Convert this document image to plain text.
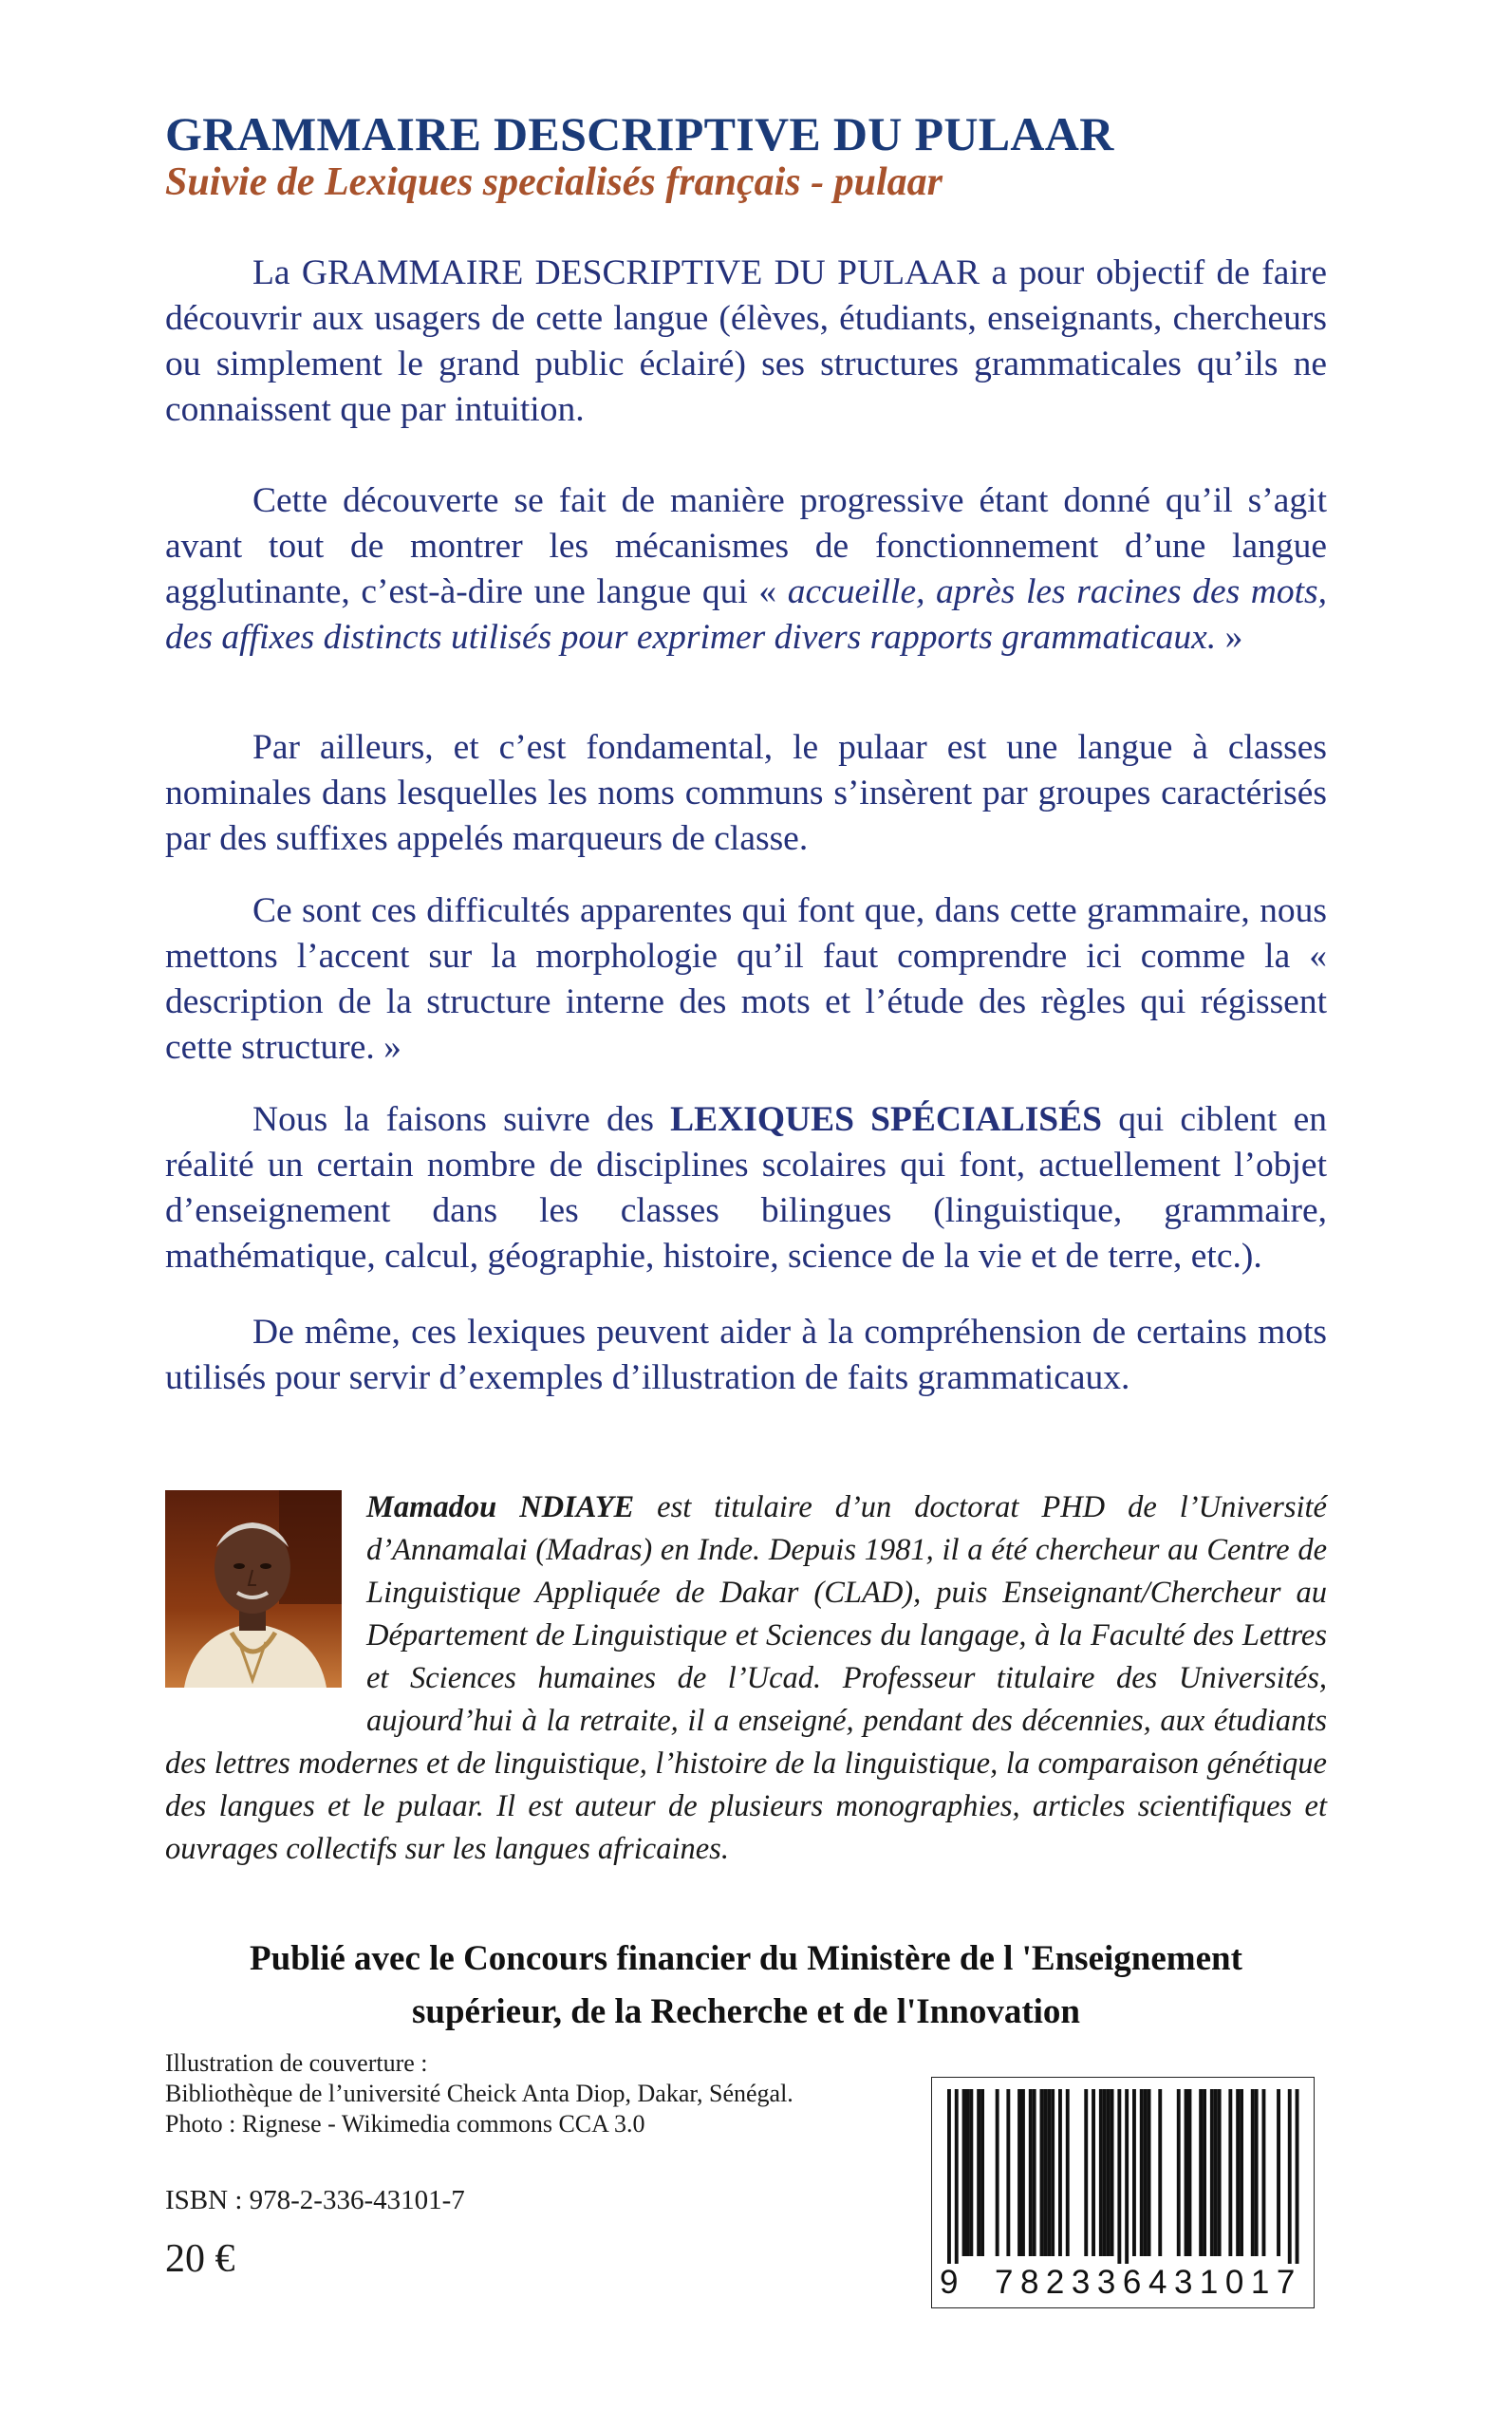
GRAMMAIRE DESCRIPTIVE DU PULAAR
Suivie de Lexiques specialisés français - pulaar

La GRAMMAIRE DESCRIPTIVE DU PULAAR a pour objectif de faire découvrir aux usagers de cette langue (élèves, étudiants, enseignants, chercheurs ou simplement le grand public éclairé) ses structures grammaticales qu’ils ne connaissent que par intuition.

Cette découverte se fait de manière progressive étant donné qu’il s’agit avant tout de montrer les mécanismes de fonctionnement d’une langue agglutinante, c’est-à-dire une langue qui « accueille, après les racines des mots, des affixes distincts utilisés pour exprimer divers rapports grammaticaux. »

Par ailleurs, et c’est fondamental, le pulaar est une langue à classes nominales dans lesquelles les noms communs s’insèrent par groupes caractérisés par des suffixes appelés marqueurs de classe.

Ce sont ces difficultés apparentes qui font que, dans cette grammaire, nous mettons l’accent sur la morphologie qu’il faut comprendre ici comme la « description de la structure interne des mots et l’étude des règles qui régissent cette structure. »

Nous la faisons suivre des LEXIQUES SPÉCIALISÉS qui ciblent en réalité un certain nombre de disciplines scolaires qui font, actuellement l’objet d’enseignement dans les classes bilingues (linguistique, grammaire, mathématique, calcul, géographie, histoire, science de la vie et de terre, etc.).

De même, ces lexiques peuvent aider à la compréhension de certains mots utilisés pour servir d’exemples d’illustration de faits grammaticaux.

Mamadou NDIAYE est titulaire d’un doctorat PHD de l’Université d’Annamalai (Madras) en Inde. Depuis 1981, il a été chercheur au Centre de Linguistique Appliquée de Dakar (CLAD), puis Enseignant/Chercheur au Département de Linguistique et Sciences du langage, à la Faculté des Lettres et Sciences humaines de l’Ucad. Professeur titulaire des Universités, aujourd’hui à la retraite, il a enseigné, pendant des décennies, aux étudiants des lettres modernes et de linguistique, l’histoire de la linguistique, la comparaison génétique des langues et le pulaar. Il est auteur de plusieurs monographies, articles scientifiques et ouvrages collectifs sur les langues africaines.
Publié avec le Concours financier du Ministère de l 'Enseignement
supérieur, de la Recherche et de l'Innovation
Illustration de couverture :
Bibliothèque de l’université Cheick Anta Diop, Dakar, Sénégal.
Photo : Rignese - Wikimedia commons CCA 3.0
ISBN : 978-2-336-43101-7
20 €
9 782336 431017
